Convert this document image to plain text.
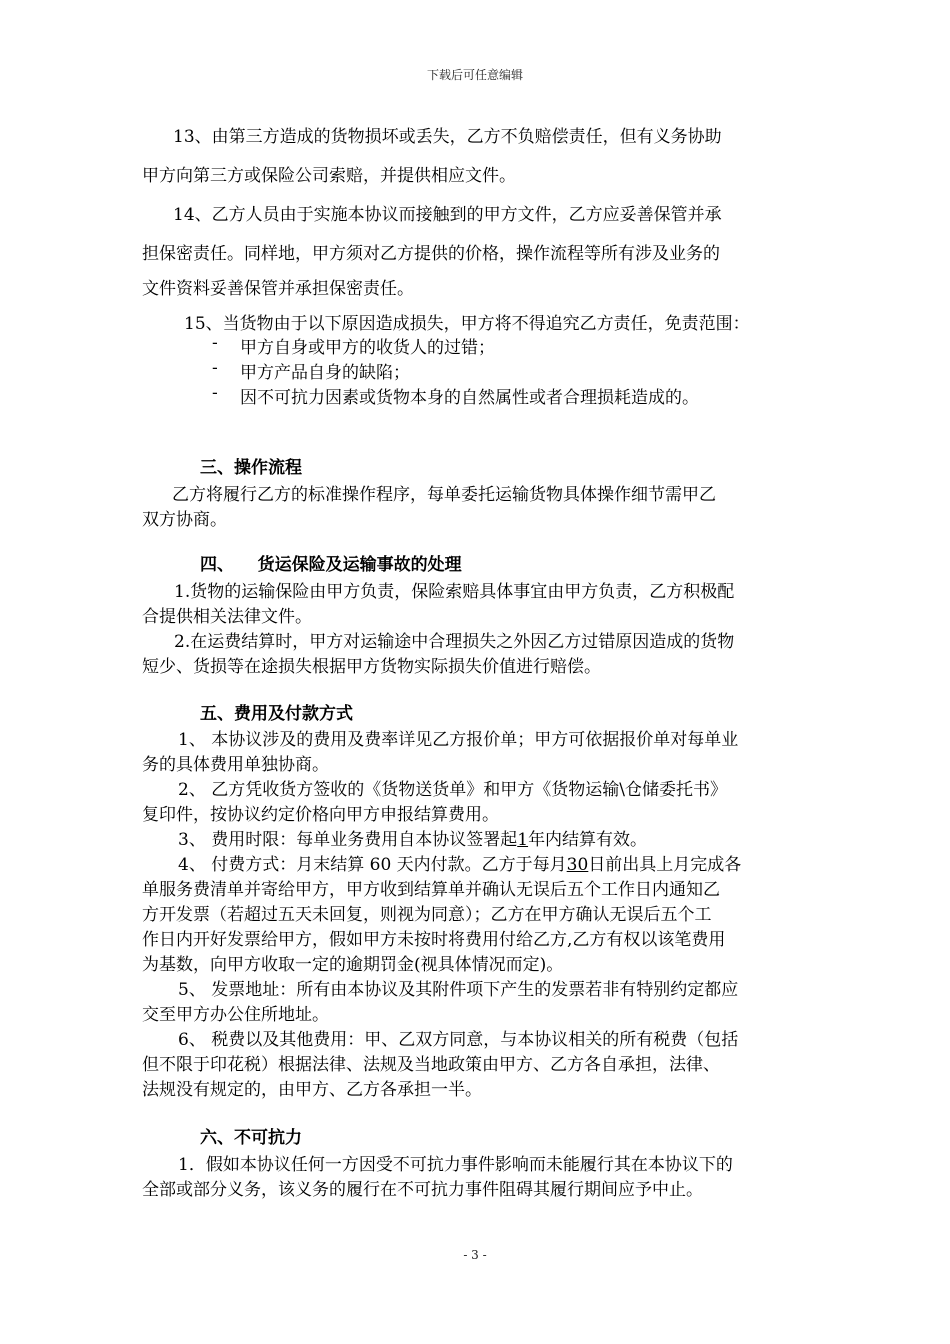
下载后可任意编辑

13、由第三方造成的货物损坏或丢失，乙方不负赔偿责任，但有义务协助

甲方向第三方或保险公司索赔，并提供相应文件。

14、乙方人员由于实施本协议而接触到的甲方文件，乙方应妥善保管并承

担保密责任。同样地，甲方须对乙方提供的价格，操作流程等所有涉及业务的

文件资料妥善保管并承担保密责任。

15、当货物由于以下原因造成损失，甲方将不得追究乙方责任，免责范围：

-	甲方自身或甲方的收货人的过错；
-	甲方产品自身的缺陷；
-	因不可抗力因素或货物本身的自然属性或者合理损耗造成的。

三、操作流程

乙方将履行乙方的标准操作程序，每单委托运输货物具体操作细节需甲乙

双方协商。

四、    货运保险及运输事故的处理

1.货物的运输保险由甲方负责，保险索赔具体事宜由甲方负责，乙方积极配

合提供相关法律文件。

2.在运费结算时，甲方对运输途中合理损失之外因乙方过错原因造成的货物

短少、货损等在途损失根据甲方货物实际损失价值进行赔偿。

五、费用及付款方式

1、 本协议涉及的费用及费率详见乙方报价单；甲方可依据报价单对每单业

务的具体费用单独协商。

2、 乙方凭收货方签收的《货物送货单》和甲方《货物运输\仓储委托书》

复印件，按协议约定价格向甲方申报结算费用。

3、 费用时限：每单业务费用自本协议签署起1年内结算有效。

4、 付费方式：月末结算 60 天内付款。乙方于每月30日前出具上月完成各

单服务费清单并寄给甲方，甲方收到结算单并确认无误后五个工作日内通知乙

方开发票（若超过五天未回复，则视为同意）；乙方在甲方确认无误后五个工

作日内开好发票给甲方，假如甲方未按时将费用付给乙方,乙方有权以该笔费用

为基数，向甲方收取一定的逾期罚金(视具体情况而定)。

5、 发票地址：所有由本协议及其附件项下产生的发票若非有特别约定都应

交至甲方办公住所地址。

6、 税费以及其他费用：甲、乙双方同意，与本协议相关的所有税费（包括

但不限于印花税）根据法律、法规及当地政策由甲方、乙方各自承担，法律、

法规没有规定的，由甲方、乙方各承担一半。

六、不可抗力

1．假如本协议任何一方因受不可抗力事件影响而未能履行其在本协议下的

全部或部分义务，该义务的履行在不可抗力事件阻碍其履行期间应予中止。

- 3 -
